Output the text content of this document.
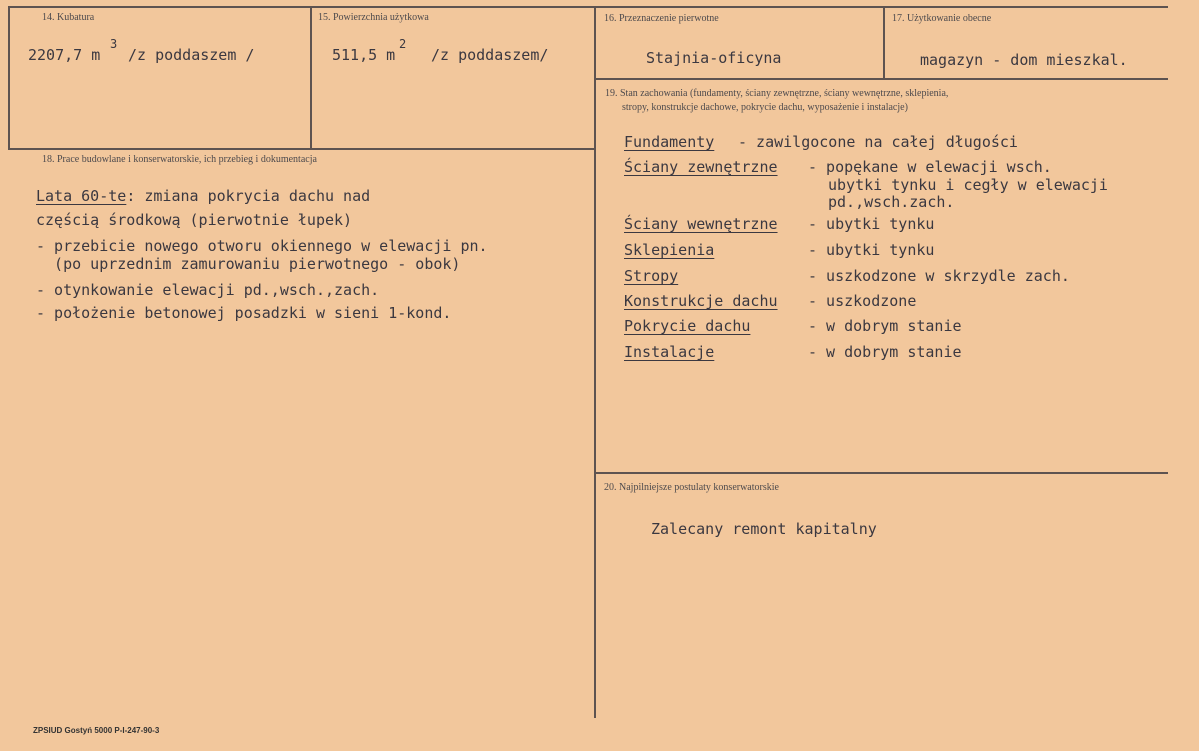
14. Kubatura
2207,7 m
3
/z poddaszem /
15. Powierzchnia użytkowa
511,5 m
2
/z poddaszem/
16. Przeznaczenie pierwotne
Stajnia-oficyna
17. Użytkowanie obecne
magazyn - dom mieszkal.
19. Stan zachowania (fundamenty, ściany zewnętrzne, ściany wewnętrzne, sklepienia,
stropy, konstrukcje dachowe, pokrycie dachu, wyposażenie i instalacje)
Fundamenty - zawilgocone na całej długości
Ściany zewnętrzne - popękane w elewacji wsch.
ubytki tynku i cegły w elewacji
pd.,wsch.zach.
Ściany wewnętrzne - ubytki tynku
Sklepienia	- ubytki tynku
Stropy	- uszkodzone w skrzydle zach.
Konstrukcje dachu - uszkodzone
Pokrycie dachu	- w dobrym stanie
Instalacje	- w dobrym stanie
18. Prace budowlane i konserwatorskie, ich przebieg i dokumentacja
Lata 60-te: zmiana pokrycia dachu nad
częścią środkową (pierwotnie łupek)
- przebicie nowego otworu okiennego w elewacji pn.
(po uprzednim zamurowaniu pierwotnego - obok)
- otynkowanie elewacji pd.,wsch.,zach.
- położenie betonowej posadzki w sieni 1-kond.
20. Najpilniejsze postulaty konserwatorskie
Zalecany remont kapitalny
ZPSIUD Gostyń 5000 P-I-247-90-3
